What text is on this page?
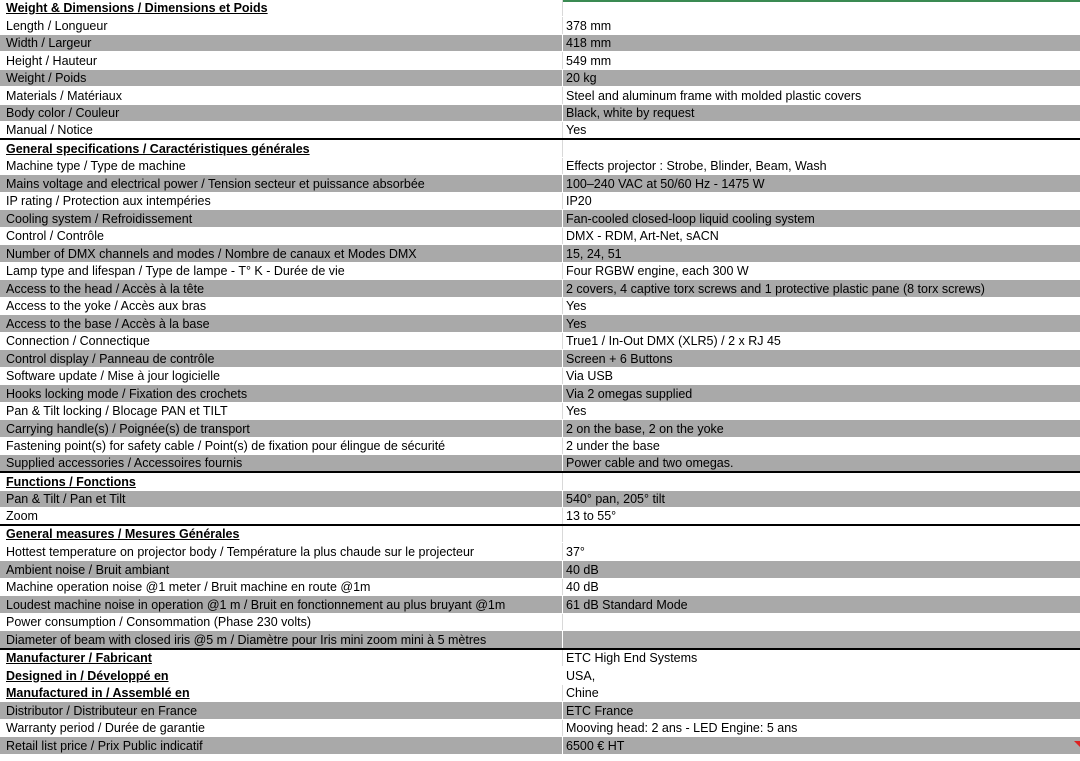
Weight & Dimensions / Dimensions et Poids
Length / Longueur	378 mm
Width / Largeur	418 mm
Height / Hauteur	549 mm
Weight / Poids	20 kg
Materials / Matériaux	Steel and aluminum frame with molded plastic covers
Body color / Couleur	Black, white by request
Manual / Notice	Yes
General specifications / Caractéristiques générales
Machine type / Type de machine	Effects projector : Strobe, Blinder, Beam, Wash
Mains voltage and electrical power / Tension secteur et puissance absorbée	100–240 VAC at 50/60 Hz - 1475 W
IP rating / Protection aux intempéries	IP20
Cooling system / Refroidissement	Fan-cooled closed-loop liquid cooling system
Control / Contrôle	DMX - RDM, Art-Net, sACN
Number of DMX channels and modes / Nombre de canaux et Modes DMX	15, 24, 51
Lamp type and lifespan / Type de lampe - T° K - Durée de vie	Four RGBW engine, each 300 W
Access to the head / Accès à la tête	2 covers, 4 captive torx screws and 1 protective plastic pane (8 torx screws)
Access to the yoke / Accès aux bras	Yes
Access to the base / Accès à la base	Yes
Connection / Connectique	True1 / In-Out DMX (XLR5) / 2 x RJ 45
Control display / Panneau de contrôle	Screen + 6 Buttons
Software update / Mise à jour logicielle	Via USB
Hooks locking mode / Fixation des crochets	Via 2 omegas supplied
Pan & Tilt locking / Blocage PAN et TILT	Yes
Carrying handle(s) / Poignée(s) de transport	2 on the base, 2 on the yoke
Fastening point(s) for safety cable / Point(s) de fixation pour élingue de sécurité	2 under the base
Supplied accessories / Accessoires fournis	Power cable and two omegas.
Functions / Fonctions
Pan & Tilt / Pan et Tilt	540° pan, 205° tilt
Zoom	13 to 55°
General measures / Mesures Générales
Hottest temperature on projector body / Température la plus chaude sur le projecteur	37°
Ambient noise / Bruit ambiant	40 dB
Machine operation noise @1 meter / Bruit machine en route @1m	40 dB
Loudest machine noise in operation @1 m / Bruit en fonctionnement au plus bruyant @1m	61 dB Standard Mode
Power consumption / Consommation (Phase 230 volts)
Diameter of beam with closed iris @5 m / Diamètre pour Iris mini zoom mini à 5 mètres
Manufacturer / Fabricant	ETC High End Systems
Designed in / Développé en	USA,
Manufactured in / Assemblé en	Chine
Distributor / Distributeur en France	ETC France
Warranty period / Durée de garantie	Mooving head: 2 ans - LED Engine: 5 ans
Retail list price / Prix Public indicatif	6500 € HT
